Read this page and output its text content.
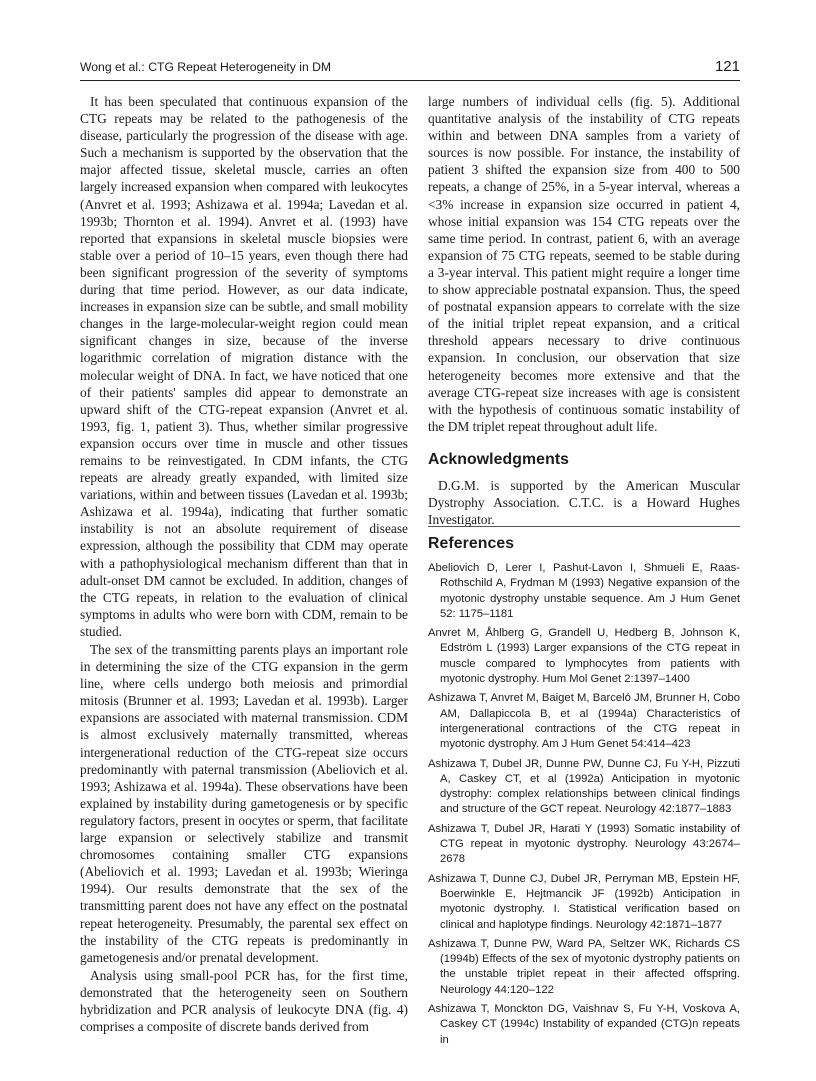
Wong et al.: CTG Repeat Heterogeneity in DM	121

It has been speculated that continuous expansion of the CTG repeats may be related to the pathogenesis of the disease, particularly the progression of the disease with age. Such a mechanism is supported by the observation that the major affected tissue, skeletal muscle, carries an often largely increased expansion when compared with leukocytes (Anvret et al. 1993; Ashizawa et al. 1994a; Lavedan et al. 1993b; Thornton et al. 1994). Anvret et al. (1993) have reported that expansions in skeletal muscle biopsies were stable over a period of 10–15 years, even though there had been significant progression of the severity of symptoms during that time period. However, as our data indicate, increases in expansion size can be subtle, and small mobility changes in the large-molecular-weight region could mean significant changes in size, because of the inverse logarithmic correlation of migration distance with the molecular weight of DNA. In fact, we have noticed that one of their patients' samples did appear to demonstrate an upward shift of the CTG-repeat expansion (Anvret et al. 1993, fig. 1, patient 3). Thus, whether similar progressive expansion occurs over time in muscle and other tissues remains to be reinvestigated. In CDM infants, the CTG repeats are already greatly expanded, with limited size variations, within and between tissues (Lavedan et al. 1993b; Ashizawa et al. 1994a), indicating that further somatic instability is not an absolute requirement of disease expression, although the possibility that CDM may operate with a pathophysiological mechanism different than that in adult-onset DM cannot be excluded. In addition, changes of the CTG repeats, in relation to the evaluation of clinical symptoms in adults who were born with CDM, remain to be studied.

The sex of the transmitting parents plays an important role in determining the size of the CTG expansion in the germ line, where cells undergo both meiosis and primordial mitosis (Brunner et al. 1993; Lavedan et al. 1993b). Larger expansions are associated with maternal transmission. CDM is almost exclusively maternally transmitted, whereas intergenerational reduction of the CTG-repeat size occurs predominantly with paternal transmission (Abeliovich et al. 1993; Ashizawa et al. 1994a). These observations have been explained by instability during gametogenesis or by specific regulatory factors, present in oocytes or sperm, that facilitate large expansion or selectively stabilize and transmit chromosomes containing smaller CTG expansions (Abeliovich et al. 1993; Lavedan et al. 1993b; Wieringa 1994). Our results demonstrate that the sex of the transmitting parent does not have any effect on the postnatal repeat heterogeneity. Presumably, the parental sex effect on the instability of the CTG repeats is predominantly in gametogenesis and/or prenatal development.

Analysis using small-pool PCR has, for the first time, demonstrated that the heterogeneity seen on Southern hybridization and PCR analysis of leukocyte DNA (fig. 4) comprises a composite of discrete bands derived from

large numbers of individual cells (fig. 5). Additional quantitative analysis of the instability of CTG repeats within and between DNA samples from a variety of sources is now possible. For instance, the instability of patient 3 shifted the expansion size from 400 to 500 repeats, a change of 25%, in a 5-year interval, whereas a <3% increase in expansion size occurred in patient 4, whose initial expansion was 154 CTG repeats over the same time period. In contrast, patient 6, with an average expansion of 75 CTG repeats, seemed to be stable during a 3-year interval. This patient might require a longer time to show appreciable postnatal expansion. Thus, the speed of postnatal expansion appears to correlate with the size of the initial triplet repeat expansion, and a critical threshold appears necessary to drive continuous expansion. In conclusion, our observation that size heterogeneity becomes more extensive and that the average CTG-repeat size increases with age is consistent with the hypothesis of continuous somatic instability of the DM triplet repeat throughout adult life.

Acknowledgments

D.G.M. is supported by the American Muscular Dystrophy Association. C.T.C. is a Howard Hughes Investigator.

References
Abeliovich D, Lerer I, Pashut-Lavon I, Shmueli E, Raas-Rothschild A, Frydman M (1993) Negative expansion of the myotonic dystrophy unstable sequence. Am J Hum Genet 52: 1175–1181
Anvret M, Åhlberg G, Grandell U, Hedberg B, Johnson K, Edström L (1993) Larger expansions of the CTG repeat in muscle compared to lymphocytes from patients with myotonic dystrophy. Hum Mol Genet 2:1397–1400
Ashizawa T, Anvret M, Baiget M, Barceló JM, Brunner H, Cobo AM, Dallapiccola B, et al (1994a) Characteristics of intergenerational contractions of the CTG repeat in myotonic dystrophy. Am J Hum Genet 54:414–423
Ashizawa T, Dubel JR, Dunne PW, Dunne CJ, Fu Y-H, Pizzuti A, Caskey CT, et al (1992a) Anticipation in myotonic dystrophy: complex relationships between clinical findings and structure of the GCT repeat. Neurology 42:1877–1883
Ashizawa T, Dubel JR, Harati Y (1993) Somatic instability of CTG repeat in myotonic dystrophy. Neurology 43:2674–2678
Ashizawa T, Dunne CJ, Dubel JR, Perryman MB, Epstein HF, Boerwinkle E, Hejtmancik JF (1992b) Anticipation in myotonic dystrophy. I. Statistical verification based on clinical and haplotype findings. Neurology 42:1871–1877
Ashizawa T, Dunne PW, Ward PA, Seltzer WK, Richards CS (1994b) Effects of the sex of myotonic dystrophy patients on the unstable triplet repeat in their affected offspring. Neurology 44:120–122
Ashizawa T, Monckton DG, Vaishnav S, Fu Y-H, Voskova A, Caskey CT (1994c) Instability of expanded (CTG)n repeats in
